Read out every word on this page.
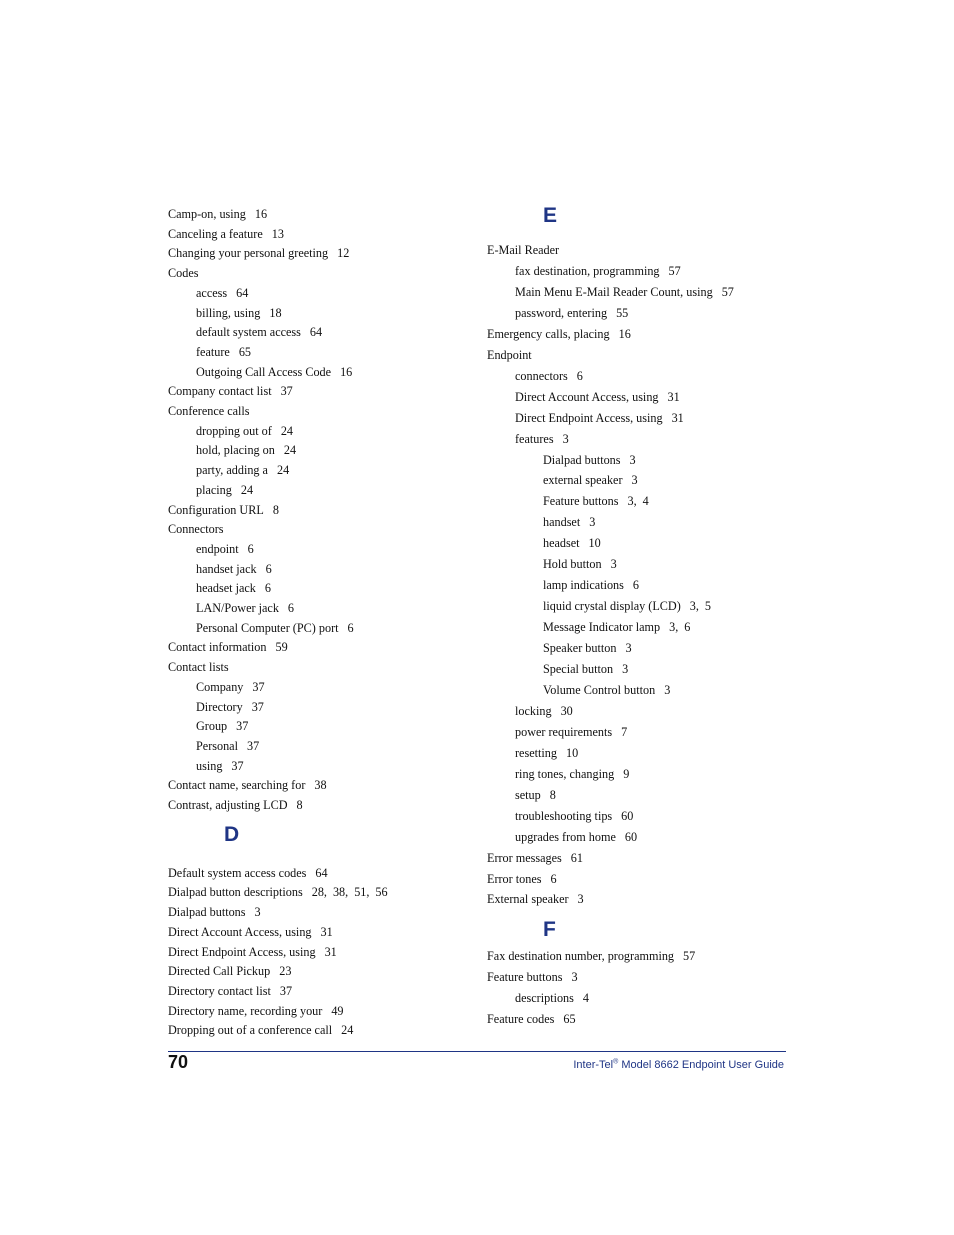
Camp-on, using 16
Canceling a feature 13
Changing your personal greeting 12
Codes
access 64
billing, using 18
default system access 64
feature 65
Outgoing Call Access Code 16
Company contact list 37
Conference calls
dropping out of 24
hold, placing on 24
party, adding a 24
placing 24
Configuration URL 8
Connectors
endpoint 6
handset jack 6
headset jack 6
LAN/Power jack 6
Personal Computer (PC) port 6
Contact information 59
Contact lists
Company 37
Directory 37
Group 37
Personal 37
using 37
Contact name, searching for 38
Contrast, adjusting LCD 8
D
Default system access codes 64
Dialpad button descriptions 28, 38, 51, 56
Dialpad buttons 3
Direct Account Access, using 31
Direct Endpoint Access, using 31
Directed Call Pickup 23
Directory contact list 37
Directory name, recording your 49
Dropping out of a conference call 24
E
E-Mail Reader
fax destination, programming 57
Main Menu E-Mail Reader Count, using 57
password, entering 55
Emergency calls, placing 16
Endpoint
connectors 6
Direct Account Access, using 31
Direct Endpoint Access, using 31
features 3
Dialpad buttons 3
external speaker 3
Feature buttons 3, 4
handset 3
headset 10
Hold button 3
lamp indications 6
liquid crystal display (LCD) 3, 5
Message Indicator lamp 3, 6
Speaker button 3
Special button 3
Volume Control button 3
locking 30
power requirements 7
resetting 10
ring tones, changing 9
setup 8
troubleshooting tips 60
upgrades from home 60
Error messages 61
Error tones 6
External speaker 3
F
Fax destination number, programming 57
Feature buttons 3
descriptions 4
Feature codes 65
70	Inter-Tel® Model 8662 Endpoint User Guide
